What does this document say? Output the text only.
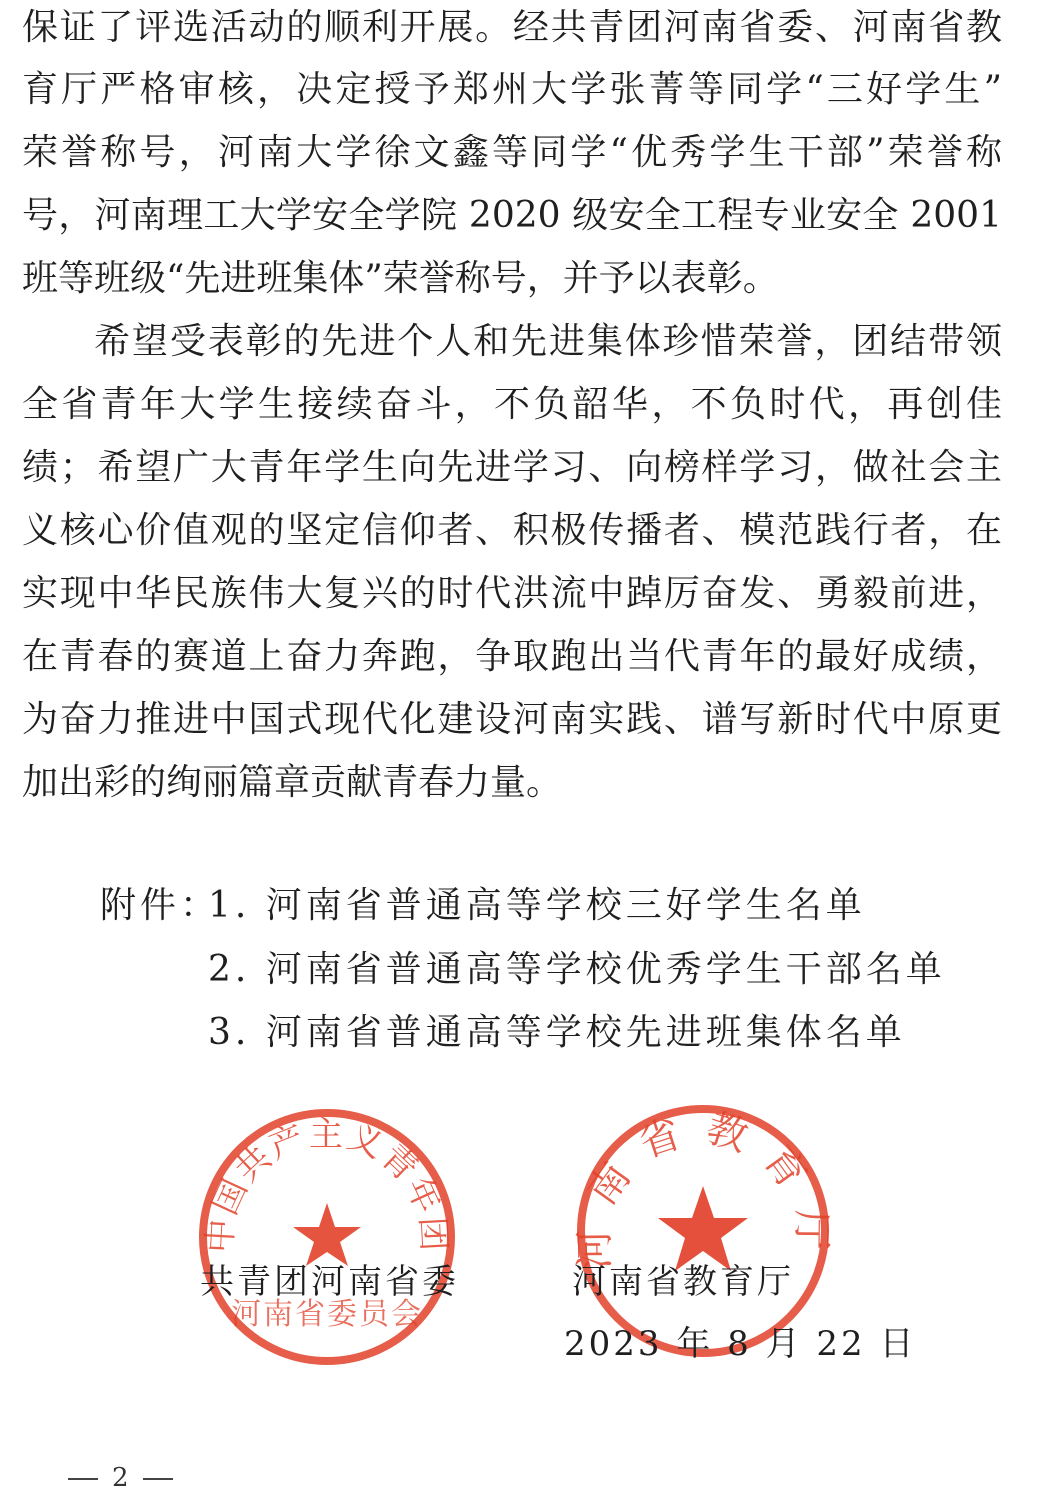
保证了评选活动的顺利开展。经共青团河南省委、河南省教
育厅严格审核，决定授予郑州大学张菁等同学“三好学生”
荣誉称号，河南大学徐文鑫等同学“优秀学生干部”荣誉称
号，河南理工大学安全学院 2020 级安全工程专业安全 2001
班等班级“先进班集体”荣誉称号，并予以表彰。
希望受表彰的先进个人和先进集体珍惜荣誉，团结带领
全省青年大学生接续奋斗，不负韶华，不负时代，再创佳
绩；希望广大青年学生向先进学习、向榜样学习，做社会主
义核心价值观的坚定信仰者、积极传播者、模范践行者，在
实现中华民族伟大复兴的时代洪流中踔厉奋发、勇毅前进，
在青春的赛道上奋力奔跑，争取跑出当代青年的最好成绩，
为奋力推进中国式现代化建设河南实践、谱写新时代中原更
加出彩的绚丽篇章贡献青春力量。
附件：
1. 河南省普通高等学校三好学生名单
2. 河南省普通高等学校优秀学生干部名单
3. 河南省普通高等学校先进班集体名单
中国共产主义青年团
河南省委员会
河南省教育厅
共青团河南省委	河南省教育厅
2023 年 8 月 22 日
2
